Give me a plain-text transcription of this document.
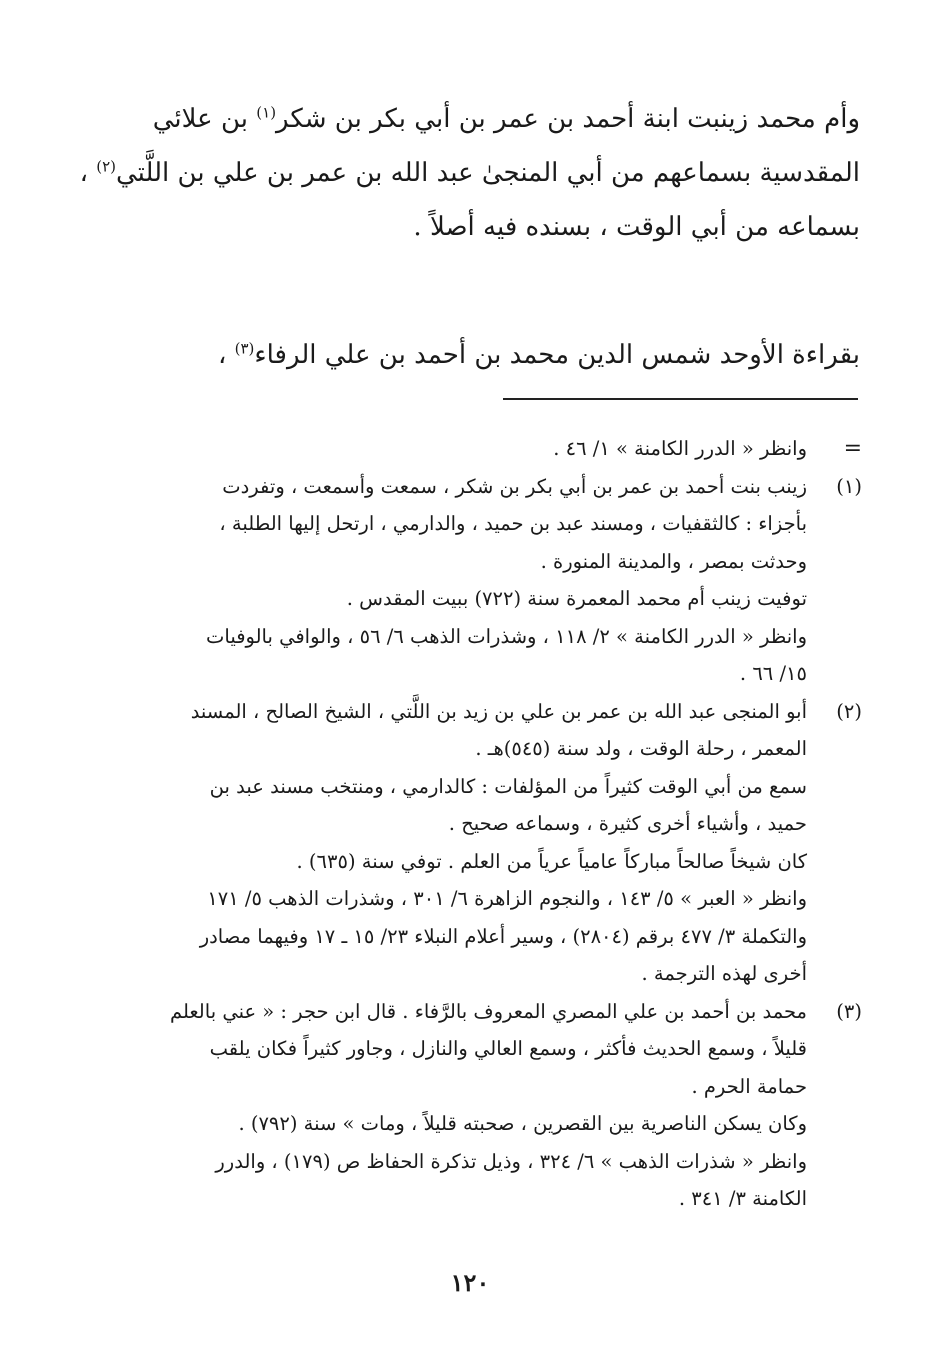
وأم محمد زينبت ابنة أحمد بن عمر بن أبي بكر بن شكر$^{(١)}$ بن علائي
المقدسية بسماعهم من أبي المنجىٰ عبد الله بن عمر بن علي بن اللَّتي$^{(٢)}$ ،
بسماعه من أبي الوقت ، بسنده فيه أصلاً .
بقراءة الأوحد شمس الدين محمد بن أحمد بن علي الرفاء$^{(٣)}$ ،
=
وانظر « الدرر الكامنة » ١/ ٤٦ .
(١)
زينب بنت أحمد بن عمر بن أبي بكر بن شكر ، سمعت وأسمعت ، وتفردت
بأجزاء : كالثقفيات ، ومسند عبد بن حميد ، والدارمي ، ارتحل إليها الطلبة ،
وحدثت بمصر ، والمدينة المنورة .
توفيت زينب أم محمد المعمرة سنة (٧٢٢) ببيت المقدس .
وانظر « الدرر الكامنة » ٢/ ١١٨ ، وشذرات الذهب ٦/ ٥٦ ، والوافي بالوفيات
١٥/ ٦٦ .
(٢)
أبو المنجى عبد الله بن عمر بن علي بن زيد بن اللَّتي ، الشيخ الصالح ، المسند
المعمر ، رحلة الوقت ، ولد سنة (٥٤٥)هـ .
سمع من أبي الوقت كثيراً من المؤلفات : كالدارمي ، ومنتخب مسند عبد بن
حميد ، وأشياء أخرى كثيرة ، وسماعه صحيح .
كان شيخاً صالحاً مباركاً عامياً عرياً من العلم . توفي سنة (٦٣٥) .
وانظر « العبر » ٥/ ١٤٣ ، والنجوم الزاهرة ٦/ ٣٠١ ، وشذرات الذهب ٥/ ١٧١
والتكملة ٣/ ٤٧٧ برقم (٢٨٠٤) ، وسير أعلام النبلاء ٢٣/ ١٥ ـ ١٧ وفيهما مصادر
أخرى لهذه الترجمة .
(٣)
محمد بن أحمد بن علي المصري المعروف بالرَّفاء . قال ابن حجر : « عني بالعلم
قليلاً ، وسمع الحديث فأكثر ، وسمع العالي والنازل ، وجاور كثيراً فكان يلقب
حمامة الحرم .
وكان يسكن الناصرية بين القصرين ، صحبته قليلاً ، ومات » سنة (٧٩٢) .
وانظر « شذرات الذهب » ٦/ ٣٢٤ ، وذيل تذكرة الحفاظ ص (١٧٩) ، والدرر
الكامنة ٣/ ٣٤١ .
١٢٠
